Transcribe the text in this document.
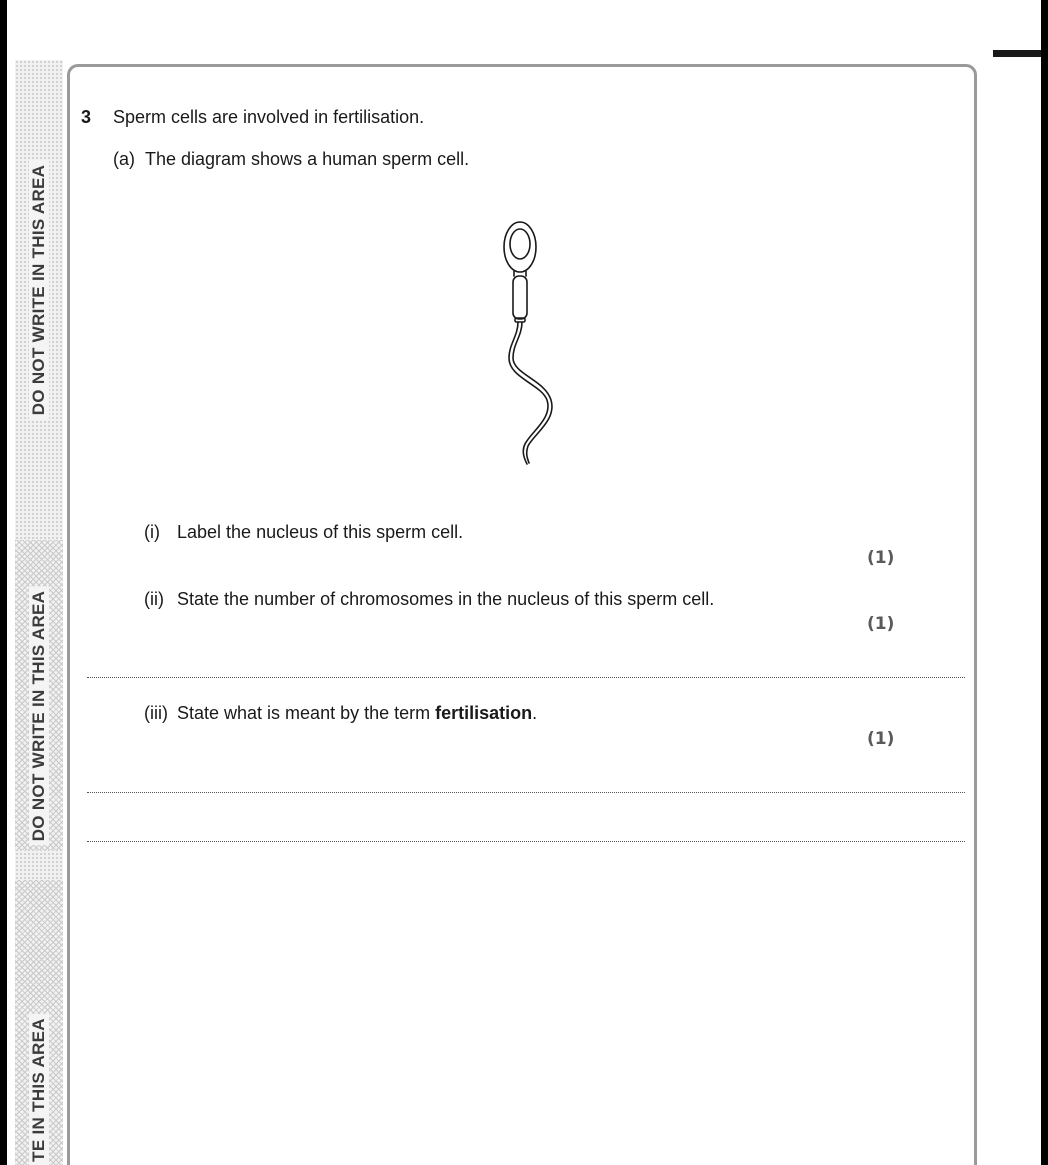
DO NOT WRITE IN THIS AREA
DO NOT WRITE IN THIS AREA
TE IN THIS AREA
3 Sperm cells are involved in fertilisation.
(a) The diagram shows a human sperm cell.
(i) Label the nucleus of this sperm cell.
(1)
(ii) State the number of chromosomes in the nucleus of this sperm cell.
(1)
(iii) State what is meant by the term fertilisation.
(1)
